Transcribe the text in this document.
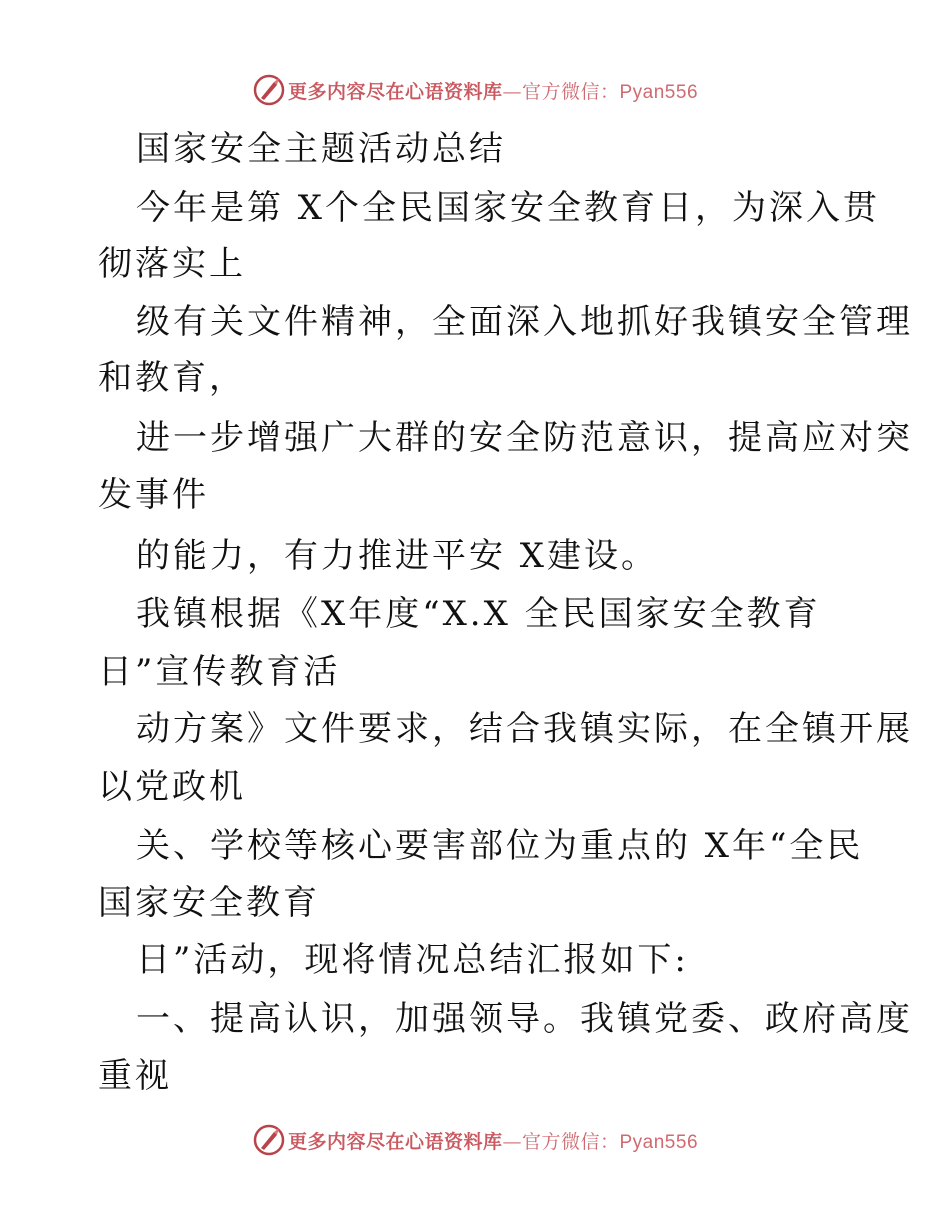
更多内容尽在心语资料库—官方微信：Pyan556
国家安全主题活动总结
今年是第 X个全民国家安全教育日，为深入贯
彻落实上
级有关文件精神，全面深入地抓好我镇安全管理
和教育，
进一步增强广大群的安全防范意识，提高应对突
发事件
的能力，有力推进平安 X建设。
我镇根据《X年度“X.X 全民国家安全教育
日”宣传教育活
动方案》文件要求，结合我镇实际，在全镇开展
以党政机
关、学校等核心要害部位为重点的 X年“全民
国家安全教育
日”活动，现将情况总结汇报如下:
一、提高认识，加强领导。我镇党委、政府高度
重视
更多内容尽在心语资料库—官方微信：Pyan556
